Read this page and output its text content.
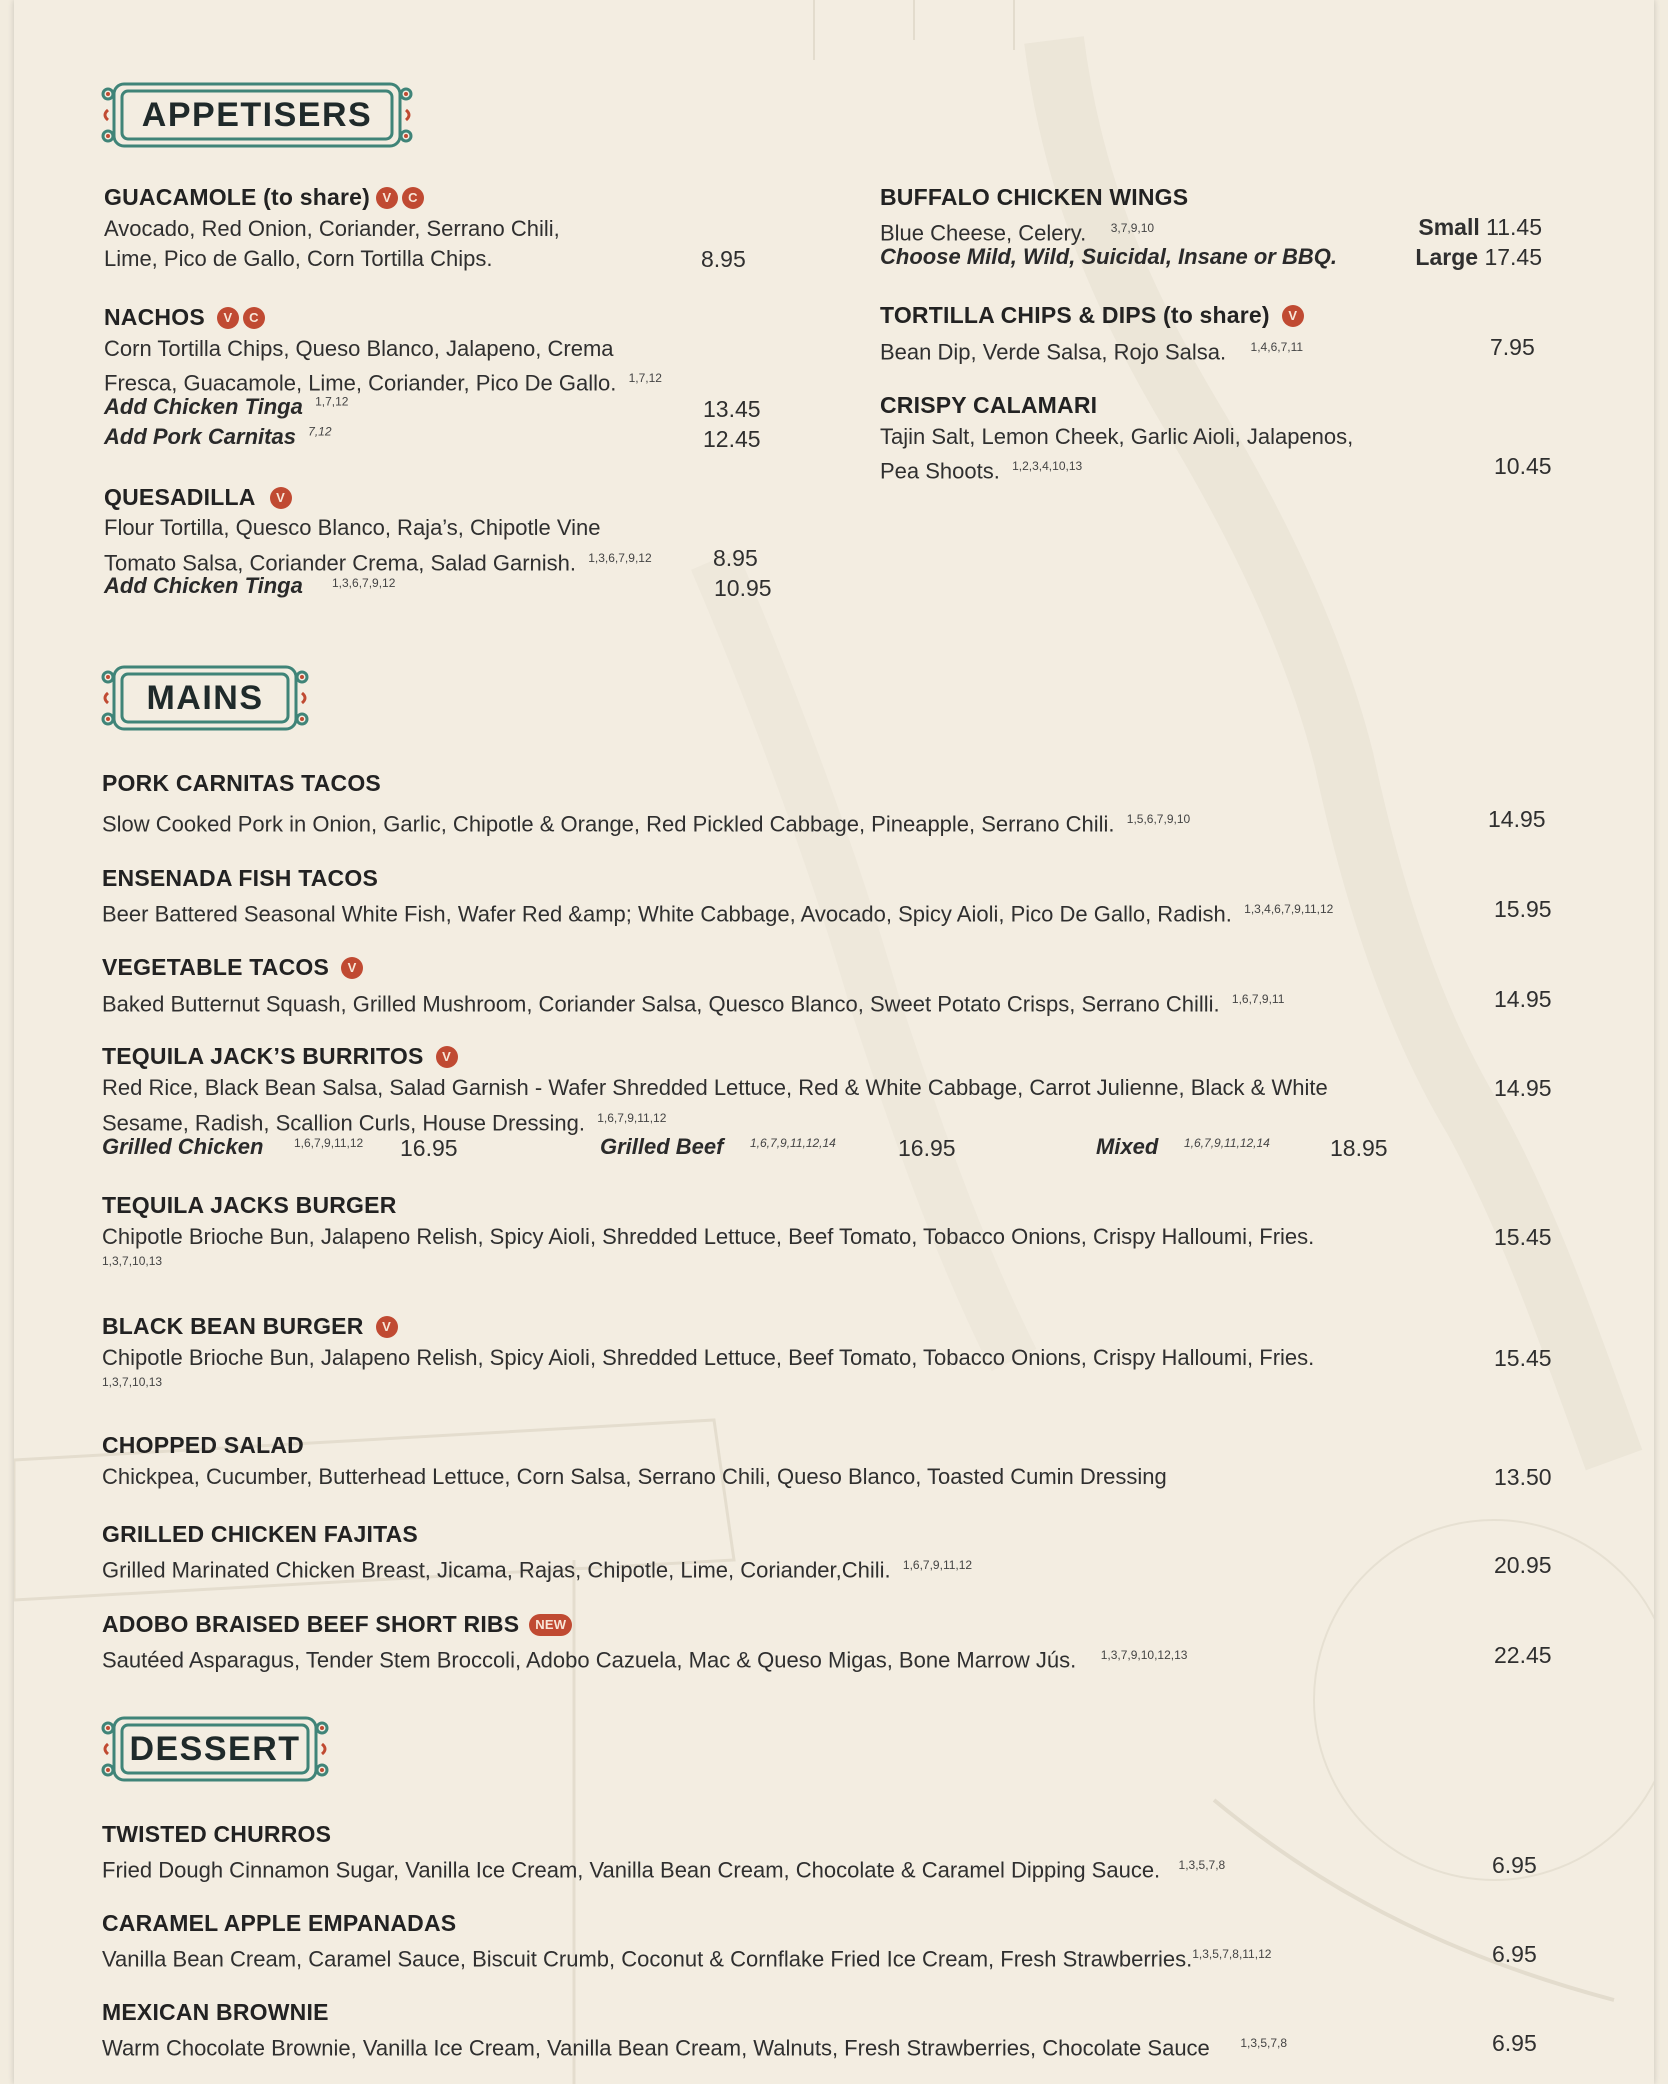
APPETISERS
GUACAMOLE (to share) V C
Avocado, Red Onion, Coriander, Serrano Chili,
Lime, Pico de Gallo, Corn Tortilla Chips.	8.95
NACHOS V C
Corn Tortilla Chips, Queso Blanco, Jalapeno, Crema
Fresca, Guacamole, Lime, Coriander, Pico De Gallo. $^{1,7,12}$
Add Chicken Tinga $^{1,7,12}$	13.45
Add Pork Carnitas $^{7,12}$	12.45
QUESADILLA V
Flour Tortilla, Quesco Blanco, Raja’s, Chipotle Vine
Tomato Salsa, Coriander Crema, Salad Garnish. $^{1,3,6,7,9,12}$	8.95
Add Chicken Tinga 1,3,6,7,9,12	10.95
BUFFALO CHICKEN WINGS
Blue Cheese, Celery. $^{3,7,9,10}$
Choose Mild, Wild, Suicidal, Insane or BBQ.
Small 11.45
Large 17.45
TORTILLA CHIPS & DIPS (to share) V
Bean Dip, Verde Salsa, Rojo Salsa. $^{1,4,6,7,11}$	7.95
CRISPY CALAMARI
Tajin Salt, Lemon Cheek, Garlic Aioli, Jalapenos,
Pea Shoots. $^{1,2,3,4,10,13}$	10.45
MAINS
PORK CARNITAS TACOS
Slow Cooked Pork in Onion, Garlic, Chipotle & Orange, Red Pickled Cabbage, Pineapple, Serrano Chili. $^{1,5,6,7,9,10}$	14.95
ENSENADA FISH TACOS
Beer Battered Seasonal White Fish, Wafer Red &amp; White Cabbage, Avocado, Spicy Aioli, Pico De Gallo, Radish. $^{1,3,4,6,7,9,11,12}$	15.95
VEGETABLE TACOS V
Baked Butternut Squash, Grilled Mushroom, Coriander Salsa, Quesco Blanco, Sweet Potato Crisps, Serrano Chilli. $^{1,6,7,9,11}$	14.95
TEQUILA JACK’S BURRITOS V
Red Rice, Black Bean Salsa, Salad Garnish - Wafer Shredded Lettuce, Red & White Cabbage, Carrot Julienne, Black & White
Sesame, Radish, Scallion Curls, House Dressing. $^{1,6,7,9,11,12}$
14.95
Grilled Chicken	1,6,7,9,11,12 16.95	Grilled Beef 1,6,7,9,11,12,14	16.95	Mixed 1,6,7,9,11,12,14	18.95
TEQUILA JACKS BURGER
Chipotle Brioche Bun, Jalapeno Relish, Spicy Aioli, Shredded Lettuce, Beef Tomato, Tobacco Onions, Crispy Halloumi, Fries.
1,3,7,10,13
15.45
BLACK BEAN BURGER V
Chipotle Brioche Bun, Jalapeno Relish, Spicy Aioli, Shredded Lettuce, Beef Tomato, Tobacco Onions, Crispy Halloumi, Fries.
1,3,7,10,13
15.45
CHOPPED SALAD
Chickpea, Cucumber, Butterhead Lettuce, Corn Salsa, Serrano Chili, Queso Blanco, Toasted Cumin Dressing	13.50
GRILLED CHICKEN FAJITAS
Grilled Marinated Chicken Breast, Jicama, Rajas, Chipotle, Lime, Coriander,Chili. $^{1,6,7,9,11,12}$	20.95
ADOBO BRAISED BEEF SHORT RIBS NEW
Sautéed Asparagus, Tender Stem Broccoli, Adobo Cazuela, Mac & Queso Migas, Bone Marrow Jús. $^{1,3,7,9,10,12,13}$	22.45
DESSERT
TWISTED CHURROS
Fried Dough Cinnamon Sugar, Vanilla Ice Cream, Vanilla Bean Cream, Chocolate & Caramel Dipping Sauce. $^{1,3,5,7,8}$	6.95
CARAMEL APPLE EMPANADAS
Vanilla Bean Cream, Caramel Sauce, Biscuit Crumb, Coconut & Cornflake Fried Ice Cream, Fresh Strawberries.$^{1,3,5,7,8,11,12}$	6.95
MEXICAN BROWNIE
Warm Chocolate Brownie, Vanilla Ice Cream, Vanilla Bean Cream, Walnuts, Fresh Strawberries, Chocolate Sauce	$^{1,3,5,7,8}$	6.95
